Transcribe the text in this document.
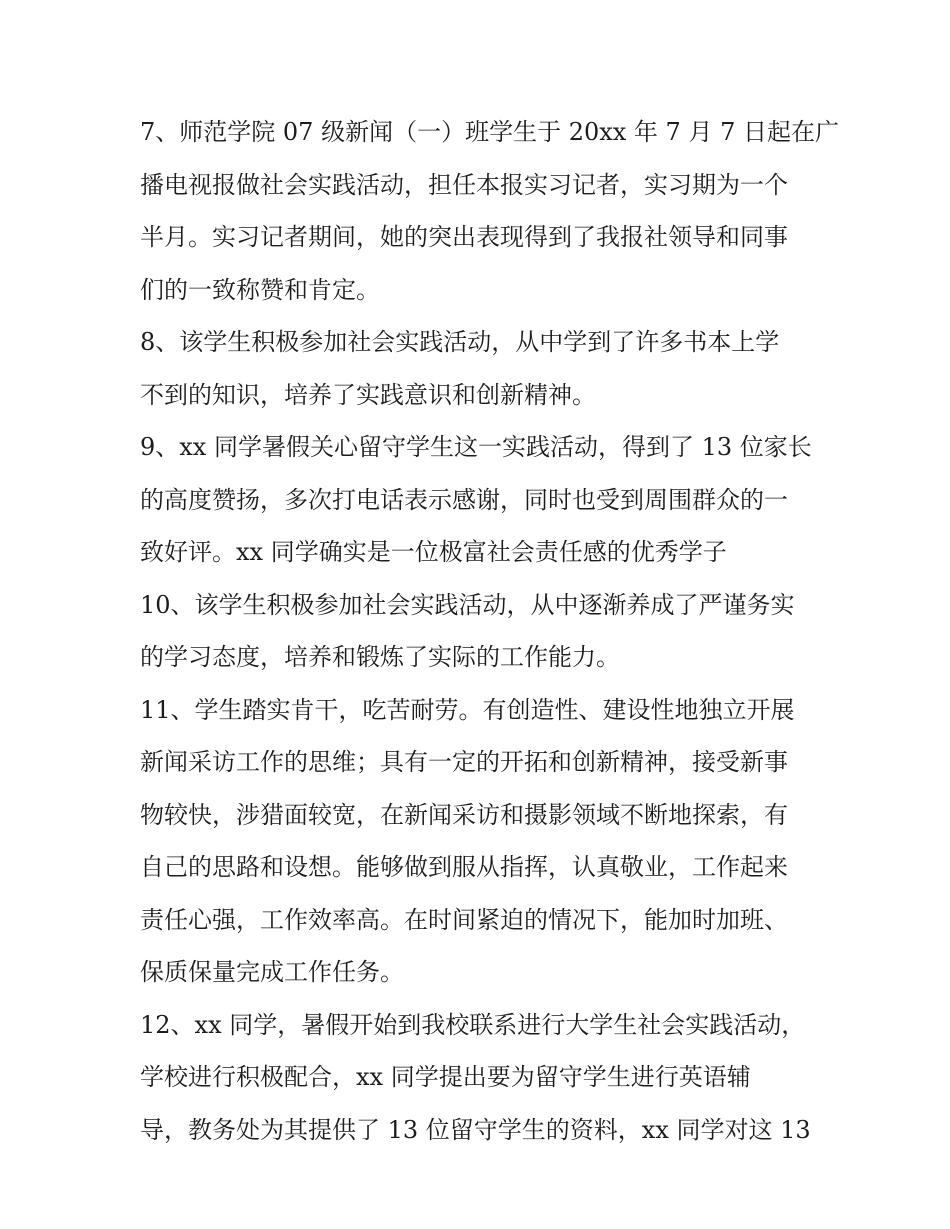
7、师范学院 07 级新闻（一）班学生于 20xx 年 7 月 7 日起在广
播电视报做社会实践活动，担任本报实习记者，实习期为一个
半月。实习记者期间，她的突出表现得到了我报社领导和同事
们的一致称赞和肯定。
8、该学生积极参加社会实践活动，从中学到了许多书本上学
不到的知识，培养了实践意识和创新精神。
9、xx 同学暑假关心留守学生这一实践活动，得到了 13 位家长
的高度赞扬，多次打电话表示感谢，同时也受到周围群众的一
致好评。xx 同学确实是一位极富社会责任感的优秀学子
10、该学生积极参加社会实践活动，从中逐渐养成了严谨务实
的学习态度，培养和锻炼了实际的工作能力。
11、学生踏实肯干，吃苦耐劳。有创造性、建设性地独立开展
新闻采访工作的思维；具有一定的开拓和创新精神，接受新事
物较快，涉猎面较宽，在新闻采访和摄影领域不断地探索，有
自己的思路和设想。能够做到服从指挥，认真敬业，工作起来
责任心强，工作效率高。在时间紧迫的情况下，能加时加班、
保质保量完成工作任务。
12、xx 同学，暑假开始到我校联系进行大学生社会实践活动，
学校进行积极配合，xx 同学提出要为留守学生进行英语辅
导，教务处为其提供了 13 位留守学生的资料，xx 同学对这 13
